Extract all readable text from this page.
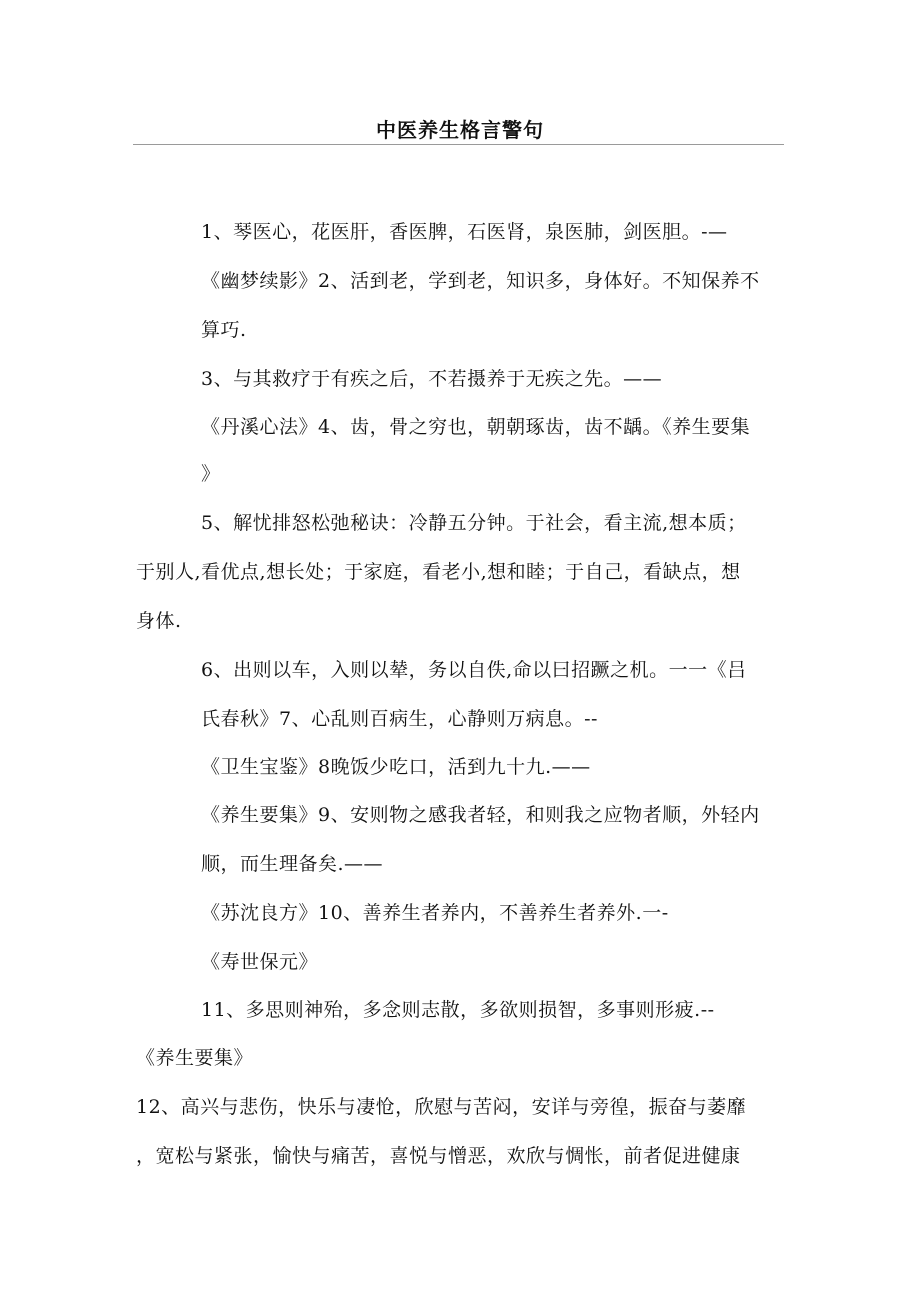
中医养生格言警句
1、琴医心，花医肝，香医脾，石医肾，泉医肺，剑医胆。-—
《幽梦续影》2、活到老，学到老，知识多，身体好。不知保养不
算巧.
3、与其救疗于有疾之后，不若摄养于无疾之先。——
《丹溪心法》4、齿，骨之穷也，朝朝琢齿，齿不龋。《养生要集
》
5、解忧排怒松弛秘诀：冷静五分钟。于社会，看主流,想本质；
于别人,看优点,想长处；于家庭，看老小,想和睦；于自己，看缺点，想
身体.
6、出则以车，入则以辇，务以自佚,命以曰招蹶之机。一一《吕
氏春秋》7、心乱则百病生，心静则万病息。--
《卫生宝鉴》8晚饭少吃口，活到九十九.——
《养生要集》9、安则物之感我者轻，和则我之应物者顺，外轻内
顺，而生理备矣.——
《苏沈良方》10、善养生者养内，不善养生者养外.一-
《寿世保元》
11、多思则神殆，多念则志散，多欲则损智，多事则形疲.--
《养生要集》
12、高兴与悲伤，快乐与凄怆，欣慰与苦闷，安详与旁徨，振奋与萎靡
，宽松与紧张，愉快与痛苦，喜悦与憎恶，欢欣与惆怅，前者促进健康
